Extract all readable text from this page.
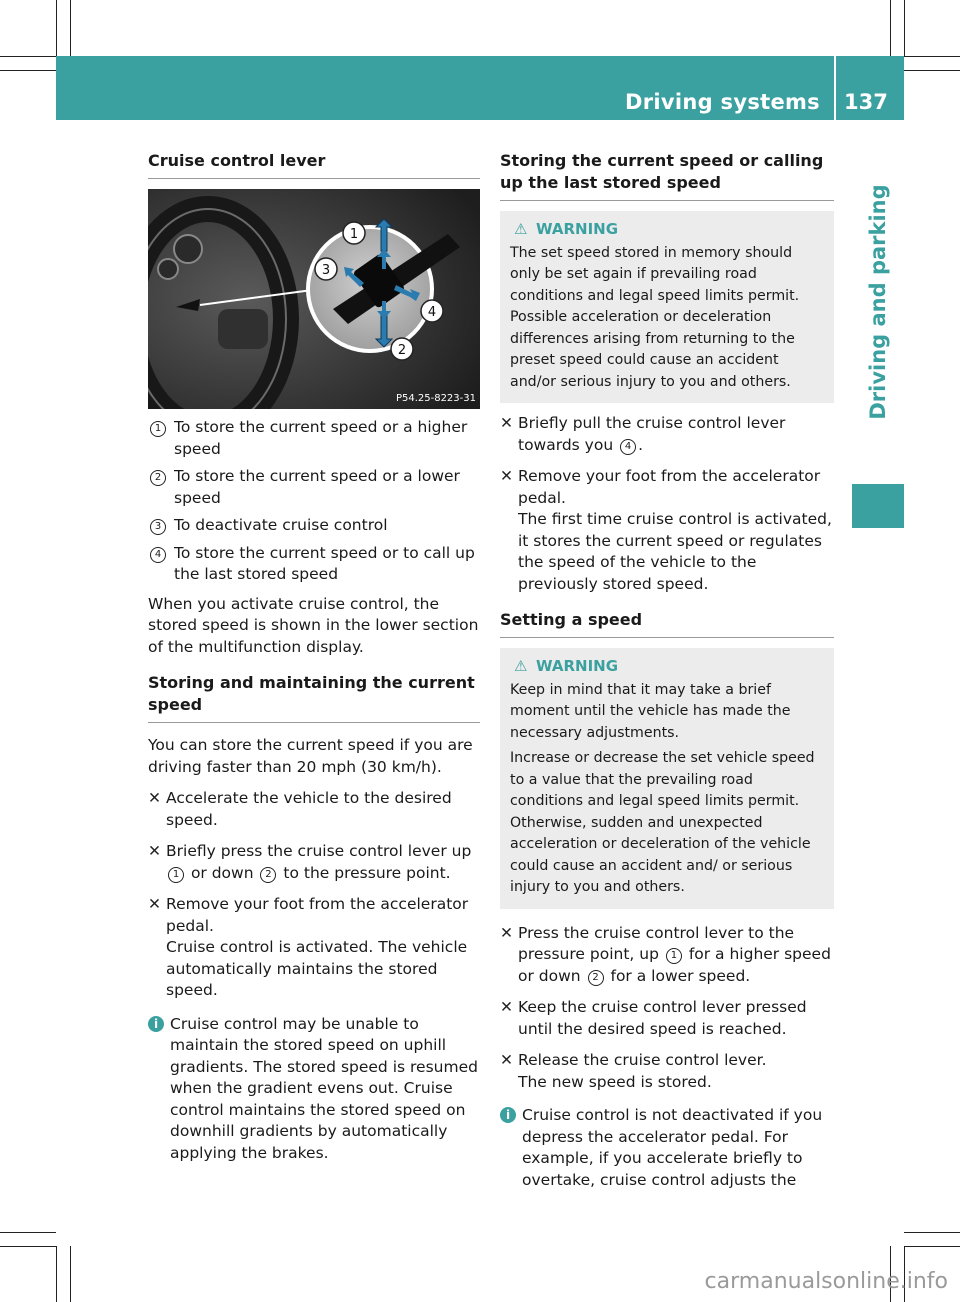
Driving systems 137
Driving and parking
Cruise control lever
1
3
4
2
P54.25-8223-31
1 To store the current speed or a higher speed
2 To store the current speed or a lower speed
3 To deactivate cruise control
4 To store the current speed or to call up the last stored speed

When you activate cruise control, the stored speed is shown in the lower section of the multifunction display.

Storing and maintaining the current speed

You can store the current speed if you are driving faster than 20 mph (30 km/h).

✕ Accelerate the vehicle to the desired speed.
✕ Briefly press the cruise control lever up 1 or down 2 to the pressure point.
✕ Remove your foot from the accelerator pedal.
Cruise control is activated. The vehicle automatically maintains the stored speed.
i Cruise control may be unable to maintain the stored speed on uphill gradients. The stored speed is resumed when the gradient evens out. Cruise control maintains the stored speed on downhill gradients by automatically applying the brakes.
Storing the current speed or calling up the last stored speed
⚠ WARNING
The set speed stored in memory should only be set again if prevailing road conditions and legal speed limits permit. Possible acceleration or deceleration differences arising from returning to the preset speed could cause an accident and/or serious injury to you and others.
✕ Briefly pull the cruise control lever towards you 4 .
✕ Remove your foot from the accelerator pedal.
The first time cruise control is activated, it stores the current speed or regulates the speed of the vehicle to the previously stored speed.
Setting a speed
⚠ WARNING
Keep in mind that it may take a brief moment until the vehicle has made the necessary adjustments.
Increase or decrease the set vehicle speed to a value that the prevailing road conditions and legal speed limits permit. Otherwise, sudden and unexpected acceleration or deceleration of the vehicle could cause an accident and/ or serious injury to you and others.
✕ Press the cruise control lever to the pressure point, up 1 for a higher speed or down 2 for a lower speed.
✕ Keep the cruise control lever pressed until the desired speed is reached.
✕ Release the cruise control lever.
The new speed is stored.
i Cruise control is not deactivated if you depress the accelerator pedal. For example, if you accelerate briefly to overtake, cruise control adjusts the
carmanualsonline.info
